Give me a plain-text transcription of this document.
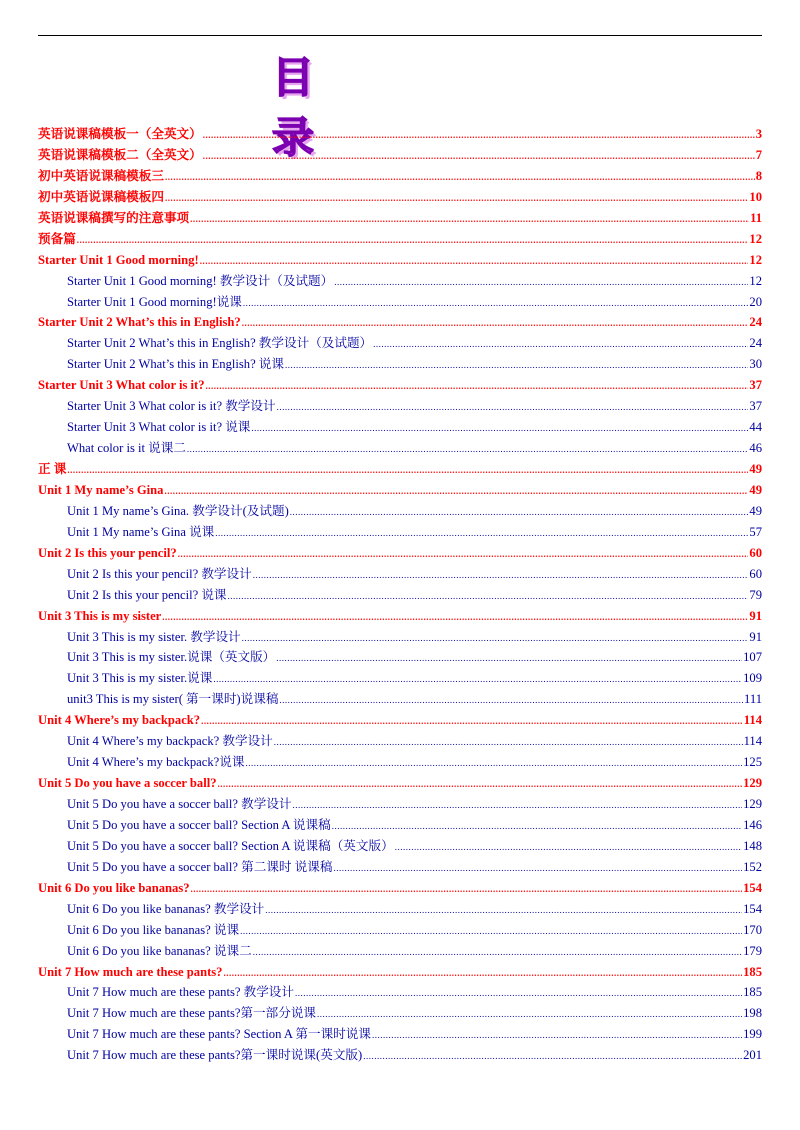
目 录
英语说课稿模板一（全英文） .....	3
英语说课稿模板二（全英文） .....	7
初中英语说课稿模板三 .....	8
初中英语说课稿模板四 .....	10
英语说课稿撰写的注意事项 .....	11
预备篇 .....	12
Starter Unit 1 Good morning! .....	12
Starter Unit 1 Good morning! 教学设计（及试题） .....	12
Starter Unit 1 Good morning!说课 .....	20
Starter Unit 2 What’s this in English? .....	24
Starter Unit 2 What’s this in English? 教学设计（及试题） .....	24
Starter Unit 2 What’s this in English? 说课 .....	30
Starter Unit 3 What color is it? .....	37
Starter Unit 3 What color is it? 教学设计 .....	37
Starter Unit 3 What color is it? 说课 .....	44
What color is it 说课二 .....	46
正 课 .....	49
Unit 1 My name’s Gina .....	49
Unit 1 My name’s Gina. 教学设计(及试题) .....	49
Unit 1 My name’s Gina 说课 .....	57
Unit 2 Is this your pencil? .....	60
Unit 2 Is this your pencil? 教学设计 .....	60
Unit 2 Is this your pencil? 说课 .....	79
Unit 3 This is my sister .....	91
Unit 3 This is my sister. 教学设计 .....	91
Unit 3 This is my sister.说课（英文版） .....	107
Unit 3 This is my sister.说课 .....	109
unit3 This is my sister( 第一课时)说课稿 .....	111
Unit 4 Where’s my backpack? .....	114
Unit 4 Where’s my backpack? 教学设计 .....	114
Unit 4 Where’s my backpack?说课 .....	125
Unit 5 Do you have a soccer ball? .....	129
Unit 5 Do you have a soccer ball? 教学设计 .....	129
Unit 5 Do you have a soccer ball? Section A 说课稿 .....	146
Unit 5 Do you have a soccer ball? Section A 说课稿（英文版） .....	148
Unit 5 Do you have a soccer ball? 第二课时 说课稿 .....	152
Unit 6 Do you like bananas? .....	154
Unit 6 Do you like bananas? 教学设计 .....	154
Unit 6 Do you like bananas? 说课 .....	170
Unit 6 Do you like bananas? 说课二 .....	179
Unit 7 How much are these pants? .....	185
Unit 7 How much are these pants? 教学设计 .....	185
Unit 7 How much are these pants?第一部分说课 .....	198
Unit 7 How much are these pants? Section A 第一课时说课 .....	199
Unit 7 How much are these pants?第一课时说课(英文版) .....	201
